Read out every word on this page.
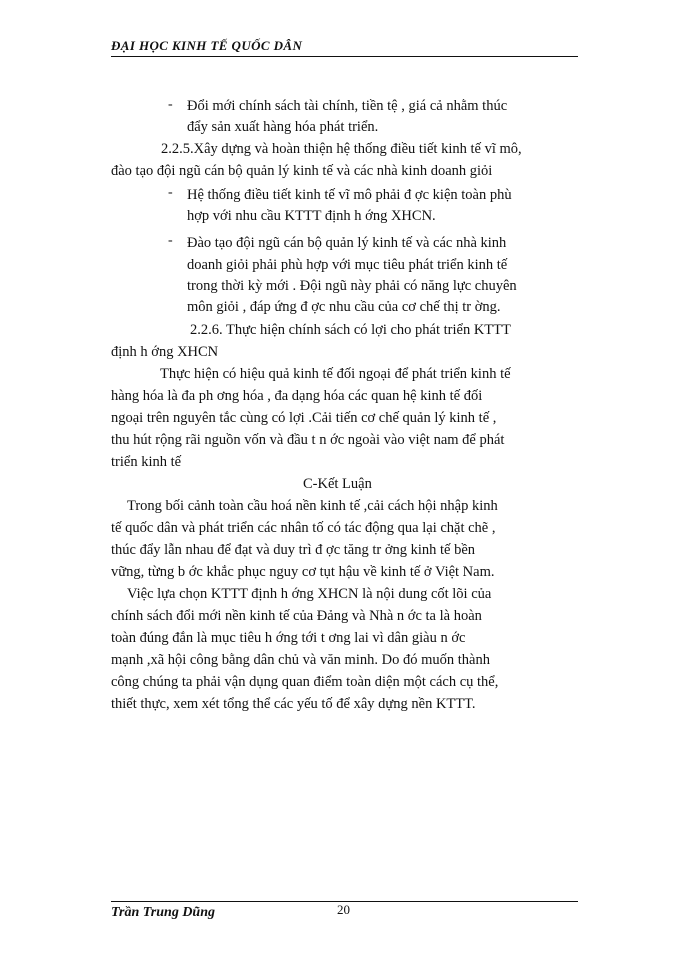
ĐẠI HỌC KINH TẾ QUỐC DÂN
- Đổi mới chính sách tài chính, tiền tệ , giá cả nhằm thúc
đẩy sản xuất hàng hóa phát triển.
2.2.5.Xây dựng và hoàn thiện hệ thống điều tiết kinh tế vĩ mô,
đào tạo đội ngũ cán bộ quản lý kinh tế và các nhà kinh doanh giỏi
- Hệ thống điều tiết kinh tế vĩ mô phải đ ợc kiện toàn phù
hợp với nhu cầu KTTT định h ớng XHCN.
- Đào tạo đội ngũ cán bộ quản lý kinh tế và các nhà kinh
doanh giỏi phải phù hợp với mục tiêu phát triển kinh tế
trong thời kỳ mới . Đội ngũ này phải có năng lực chuyên
môn giỏi , đáp ứng đ ợc nhu cầu của cơ chế thị tr ờng.
2.2.6. Thực hiện chính sách có lợi cho phát triển KTTT
định h ớng XHCN
Thực hiện có hiệu quả kinh tế đối ngoại để phát triển kinh tế
hàng hóa là đa ph ơng hóa , đa dạng hóa các quan hệ kinh tế đối
ngoại trên nguyên tắc cùng có lợi .Cải tiến cơ chế quản lý kinh tế ,
thu hút rộng rãi nguồn vốn và đầu t n ớc ngoài vào việt nam để phát
triển kinh tế
C-Kết Luận
Trong bối cảnh toàn cầu hoá nền kinh tế ,cải cách hội nhập kinh
tế quốc dân và phát triển các nhân tố có tác động qua lại chặt chẽ ,
thúc đẩy lẫn nhau để đạt và duy trì đ ợc tăng tr ởng kinh tế bền
vững, từng b ớc khắc phục nguy cơ tụt hậu về kinh tế ở Việt Nam.
Việc lựa chọn KTTT định h ớng XHCN là nội dung cốt lõi của
chính sách đổi mới nền kinh tế của Đảng và Nhà n ớc ta là hoàn
toàn đúng đắn là mục tiêu h ớng tới t ơng lai vì dân giàu n ớc
mạnh ,xã hội công bằng dân chủ và văn minh. Do đó muốn thành
công chúng ta phải vận dụng quan điểm toàn diện một cách cụ thể,
thiết thực, xem xét tổng thể các yếu tố để xây dựng nền KTTT.
Trần Trung Dũng	20
